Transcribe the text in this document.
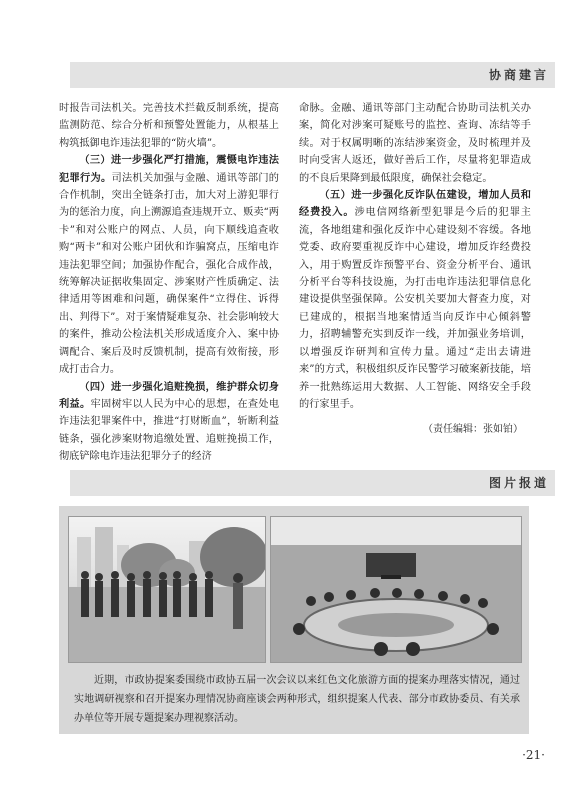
协商建言

时报告司法机关。完善技术拦截反制系统，提高监测防范、综合分析和预警处置能力，从根基上构筑抵御电诈违法犯罪的“防火墙”。

（三）进一步强化严打措施，震慑电诈违法犯罪行为。司法机关加强与金融、通讯等部门的合作机制，突出全链条打击，加大对上游犯罪行为的惩治力度，向上溯源追查违规开立、贩卖“两卡”和对公账户的网点、人员，向下顺线追查收购“两卡”和对公账户团伙和诈骗窝点，压缩电诈违法犯罪空间；加强协作配合，强化合成作战，统筹解决证据收集固定、涉案财产性质确定、法律适用等困难和问题，确保案件“立得住、诉得出、判得下”。对于案情疑难复杂、社会影响较大的案件，推动公检法机关形成适度介入、案中协调配合、案后及时反馈机制，提高有效衔接，形成打击合力。

（四）进一步强化追赃挽损，维护群众切身利益。牢固树牢以人民为中心的思想，在查处电诈违法犯罪案件中，推进“打财断血”，斩断利益链条，强化涉案财物追缴处置、追赃挽损工作，彻底铲除电诈违法犯罪分子的经济

命脉。金融、通讯等部门主动配合协助司法机关办案，简化对涉案可疑账号的监控、查询、冻结等手续。对于权属明晰的冻结涉案资金，及时梳理并及时向受害人返还，做好善后工作，尽量将犯罪造成的不良后果降到最低限度，确保社会稳定。

（五）进一步强化反诈队伍建设，增加人员和经费投入。涉电信网络新型犯罪是今后的犯罪主流，各地组建和强化反诈中心建设刻不容缓。各地党委、政府要重视反诈中心建设，增加反诈经费投入，用于购置反诈预警平台、资金分析平台、通讯分析平台等科技设施，为打击电诈违法犯罪信息化建设提供坚强保障。公安机关要加大督查力度，对已建成的，根据当地案情适当向反诈中心倾斜警力，招聘辅警充实到反诈一线，并加强业务培训，以增强反诈研判和宣传力量。通过“走出去请进来”的方式，积极组织反诈民警学习破案新技能，培养一批熟练运用大数据、人工智能、网络安全手段的行家里手。

（责任编辑：张如铂）

图片报道
近期，市政协提案委围绕市政协五届一次会议以来红色文化旅游方面的提案办理落实情况，通过实地调研视察和召开提案办理情况协商座谈会两种形式，组织提案人代表、部分市政协委员、有关承办单位等开展专题提案办理视察活动。
·21·
